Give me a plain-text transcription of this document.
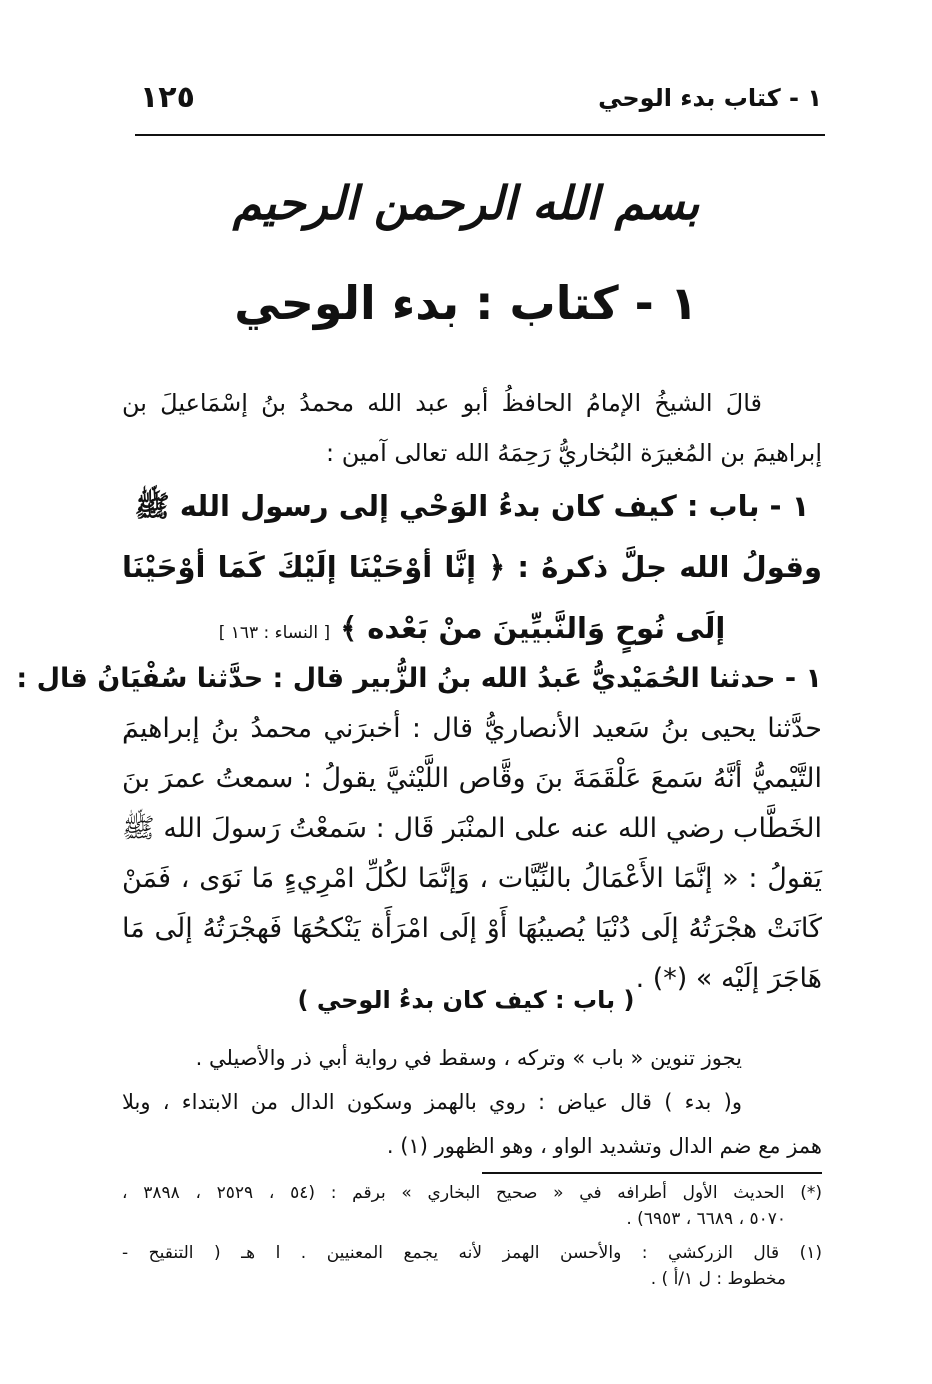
١ - كتاب بدء الوحي
١٢٥
بسم الله الرحمن الرحيم
١ - كتاب : بدء الوحي
قالَ الشيخُ الإمامُ الحافظُ أبو عبد الله محمدُ بنُ إسْمَاعيلَ بن
إبراهيمَ بن المُغيرَة البُخاريُّ رَحِمَهُ الله تعالى آمين :
١ - باب : كيف كان بدءُ الوَحْي إلى رسول الله ﷺ
وقولُ الله جلَّ ذكرهُ : ﴿ إنَّا أوْحَيْنَا إلَيْكَ كَمَا أوْحَيْنَا
إلَى نُوحٍ وَالنَّبيِّينَ منْ بَعْده ﴾ [ النساء : ١٦٣ ]
١ - حدثنا الحُمَيْديُّ عَبدُ الله بنُ الزُّبير قال : حدَّثنا سُفْيَانُ قال :
حدَّثنا يحيى بنُ سَعيد الأنصاريُّ قال : أخبرَني محمدُ بنُ إبراهيمَ
التَّيْميُّ أنَّهُ سَمعَ عَلْقَمَةَ بنَ وقَّاص اللَّيْثيَّ يقولُ : سمعتُ عمرَ بنَ
الخَطَّاب رضي الله عنه على المنْبَر قَال : سَمعْتُ رَسولَ الله ﷺ
يَقولُ : « إنَّمَا الأَعْمَالُ بالنِّيَّات ، وَإنَّمَا لكُلِّ امْرِيءٍ مَا نَوَى ، فَمَنْ
كَانَتْ هجْرَتُهُ إلَى دُنْيَا يُصيبُهَا أَوْ إلَى امْرَأَة يَنْكحُهَا فَهجْرَتُهُ إلَى مَا
هَاجَرَ إلَيْه » (*) .
( باب : كيف كان بدءُ الوحي )
يجوز تنوين « باب » وتركه ، وسقط في رواية أبي ذر والأصيلي .
و( بدء ) قال عياض : روي بالهمز وسكون الدال من الابتداء ، وبلا
همز مع ضم الدال وتشديد الواو ، وهو الظهور (١) .
(*) الحديث الأول أطرافه في « صحيح البخاري » برقم : (٥٤ ، ٢٥٢٩ ، ٣٨٩٨ ،
٥٠٧٠ ، ٦٦٨٩ ، ٦٩٥٣) .
(١) قال الزركشي : والأحسن الهمز لأنه يجمع المعنيين . ا هـ ( التنقيح -
مخطوط : ل ١/أ ) .
